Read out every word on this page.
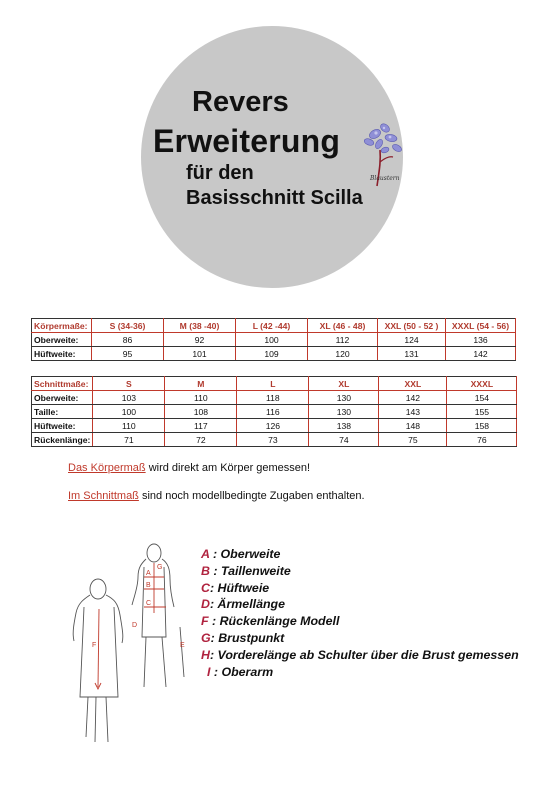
Revers
Erweiterung
für den
Basisschnitt Scilla
Blaustern
Körpermaße:	S (34-36)	M (38 -40)	L (42 -44)	XL (46 - 48)	XXL (50 - 52 )	XXXL (54 - 56)
Oberweite:	86	92	100	112	124	136
Hüftweite:	95	101	109	120	131	142
Schnittmaße:	S	M	L	XL	XXL	XXXL
Oberweite:	103	110	118	130	142	154
Taille:	100	108	116	130	143	155
Hüftweite:	110	117	126	138	148	158
Rückenlänge:	71	72	73	74	75	76
Das Körpermaß wird direkt am Körper gemessen!
Im Schnittmaß sind noch modellbedingte Zugaben enthalten.
A
B
C
G
D
E
F
A : Oberweite
B : Taillenweite
C: Hüftweie
D: Ärmellänge
F : Rückenlänge Modell
G: Brustpunkt
H: Vorderelänge ab Schulter über die Brust gemessen
I : Oberarm
